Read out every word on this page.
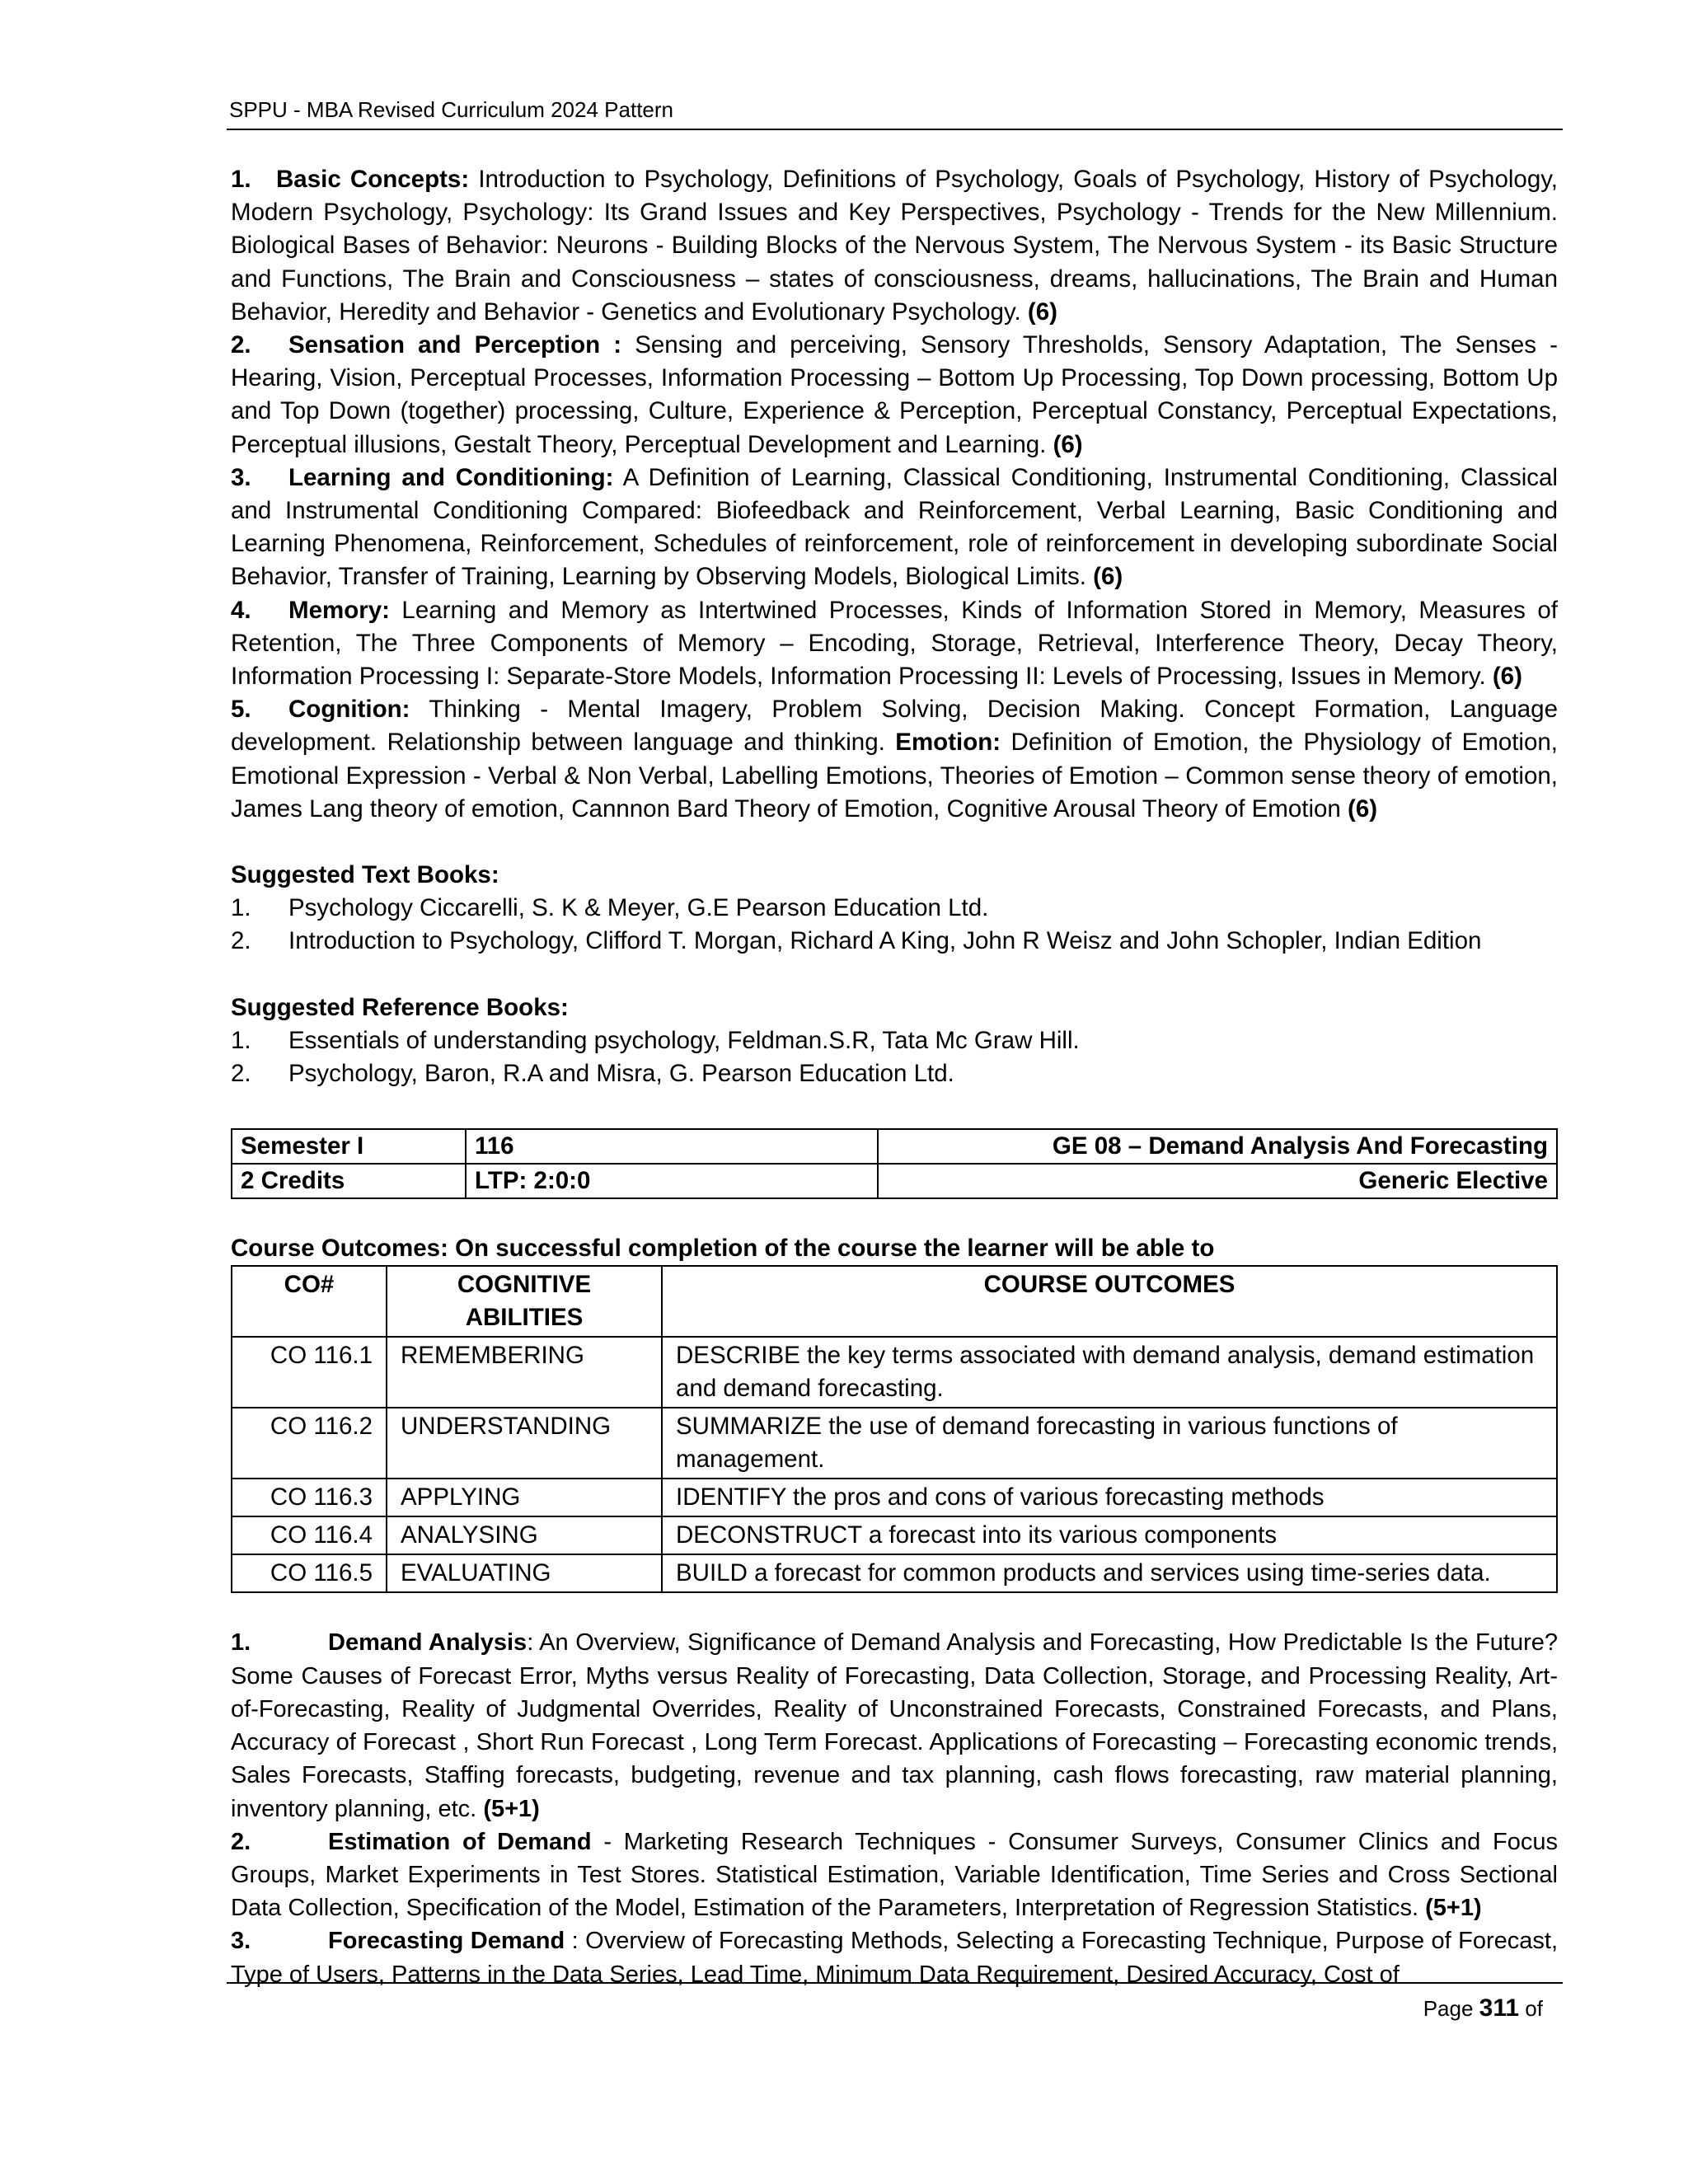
SPPU - MBA Revised Curriculum 2024 Pattern

1. Basic Concepts: Introduction to Psychology, Definitions of Psychology, Goals of Psychology, History of Psychology, Modern Psychology, Psychology: Its Grand Issues and Key Perspectives, Psychology - Trends for the New Millennium. Biological Bases of Behavior: Neurons - Building Blocks of the Nervous System, The Nervous System - its Basic Structure and Functions, The Brain and Consciousness – states of consciousness, dreams, hallucinations, The Brain and Human Behavior, Heredity and Behavior - Genetics and Evolutionary Psychology. (6)

2. Sensation and Perception : Sensing and perceiving, Sensory Thresholds, Sensory Adaptation, The Senses - Hearing, Vision, Perceptual Processes, Information Processing – Bottom Up Processing, Top Down processing, Bottom Up and Top Down (together) processing, Culture, Experience & Perception, Perceptual Constancy, Perceptual Expectations, Perceptual illusions, Gestalt Theory, Perceptual Development and Learning. (6)

3. Learning and Conditioning: A Definition of Learning, Classical Conditioning, Instrumental Conditioning, Classical and Instrumental Conditioning Compared: Biofeedback and Reinforcement, Verbal Learning, Basic Conditioning and Learning Phenomena, Reinforcement, Schedules of reinforcement, role of reinforcement in developing subordinate Social Behavior, Transfer of Training, Learning by Observing Models, Biological Limits. (6)

4. Memory: Learning and Memory as Intertwined Processes, Kinds of Information Stored in Memory, Measures of Retention, The Three Components of Memory – Encoding, Storage, Retrieval, Interference Theory, Decay Theory, Information Processing I: Separate-Store Models, Information Processing II: Levels of Processing, Issues in Memory. (6)

5. Cognition: Thinking - Mental Imagery, Problem Solving, Decision Making. Concept Formation, Language development. Relationship between language and thinking. Emotion: Definition of Emotion, the Physiology of Emotion, Emotional Expression - Verbal & Non Verbal, Labelling Emotions, Theories of Emotion – Common sense theory of emotion, James Lang theory of emotion, Cannnon Bard Theory of Emotion, Cognitive Arousal Theory of Emotion (6)

Suggested Text Books:

1. Psychology Ciccarelli, S. K & Meyer, G.E Pearson Education Ltd.

2. Introduction to Psychology, Clifford T. Morgan, Richard A King, John R Weisz and John Schopler, Indian Edition

Suggested Reference Books:

1. Essentials of understanding psychology, Feldman.S.R, Tata Mc Graw Hill.

2. Psychology, Baron, R.A and Misra, G. Pearson Education Ltd.

Semester I	116	GE 08 – Demand Analysis And Forecasting
2 Credits	LTP: 2:0:0	Generic Elective

Course Outcomes: On successful completion of the course the learner will be able to

CO#	COGNITIVE ABILITIES	COURSE OUTCOMES
CO 116.1	REMEMBERING	DESCRIBE the key terms associated with demand analysis, demand estimation and demand forecasting.
CO 116.2	UNDERSTANDING	SUMMARIZE the use of demand forecasting in various functions of management.
CO 116.3	APPLYING	IDENTIFY the pros and cons of various forecasting methods
CO 116.4	ANALYSING	DECONSTRUCT a forecast into its various components
CO 116.5	EVALUATING	BUILD a forecast for common products and services using time-series data.

1.	Demand Analysis: An Overview, Significance of Demand Analysis and Forecasting, How Predictable Is the Future? Some Causes of Forecast Error, Myths versus Reality of Forecasting, Data Collection, Storage, and Processing Reality, Art- of-Forecasting, Reality of Judgmental Overrides, Reality of Unconstrained Forecasts, Constrained Forecasts, and Plans, Accuracy of Forecast , Short Run Forecast , Long Term Forecast. Applications of Forecasting – Forecasting economic trends, Sales Forecasts, Staffing forecasts, budgeting, revenue and tax planning, cash flows forecasting, raw material planning, inventory planning, etc. (5+1)

2.	Estimation of Demand - Marketing Research Techniques - Consumer Surveys, Consumer Clinics and Focus Groups, Market Experiments in Test Stores. Statistical Estimation, Variable Identification, Time Series and Cross Sectional Data Collection, Specification of the Model, Estimation of the Parameters, Interpretation of Regression Statistics. (5+1)

3.	Forecasting Demand : Overview of Forecasting Methods, Selecting a Forecasting Technique, Purpose of Forecast, Type of Users, Patterns in the Data Series, Lead Time, Minimum Data Requirement, Desired Accuracy, Cost of

Page 311 of
